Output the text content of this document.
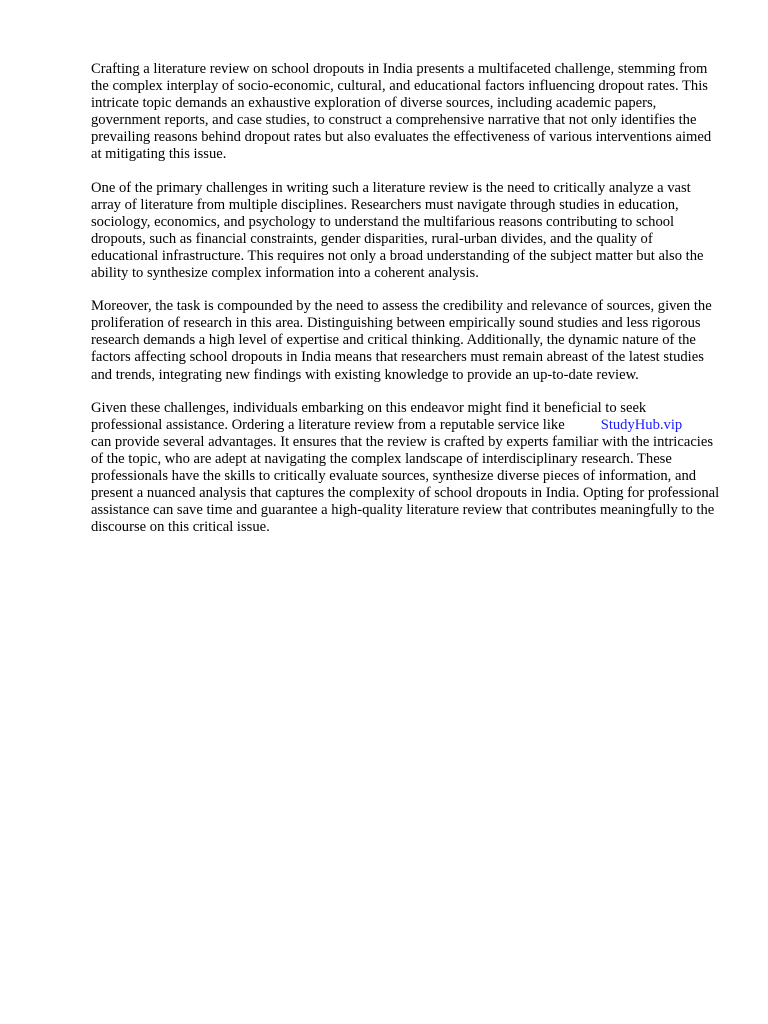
Crafting a literature review on school dropouts in India presents a multifaceted challenge, stemming from the complex interplay of socio-economic, cultural, and educational factors influencing dropout rates. This intricate topic demands an exhaustive exploration of diverse sources, including academic papers, government reports, and case studies, to construct a comprehensive narrative that not only identifies the prevailing reasons behind dropout rates but also evaluates the effectiveness of various interventions aimed at mitigating this issue.

One of the primary challenges in writing such a literature review is the need to critically analyze a vast array of literature from multiple disciplines. Researchers must navigate through studies in education, sociology, economics, and psychology to understand the multifarious reasons contributing to school dropouts, such as financial constraints, gender disparities, rural-urban divides, and the quality of educational infrastructure. This requires not only a broad understanding of the subject matter but also the ability to synthesize complex information into a coherent analysis.

Moreover, the task is compounded by the need to assess the credibility and relevance of sources, given the proliferation of research in this area. Distinguishing between empirically sound studies and less rigorous research demands a high level of expertise and critical thinking. Additionally, the dynamic nature of the factors affecting school dropouts in India means that researchers must remain abreast of the latest studies and trends, integrating new findings with existing knowledge to provide an up-to-date review.

Given these challenges, individuals embarking on this endeavor might find it beneficial to seek professional assistance. Ordering a literature review from a reputable service like StudyHub.vip can provide several advantages. It ensures that the review is crafted by experts familiar with the intricacies of the topic, who are adept at navigating the complex landscape of interdisciplinary research. These professionals have the skills to critically evaluate sources, synthesize diverse pieces of information, and present a nuanced analysis that captures the complexity of school dropouts in India. Opting for professional assistance can save time and guarantee a high-quality literature review that contributes meaningfully to the discourse on this critical issue.
